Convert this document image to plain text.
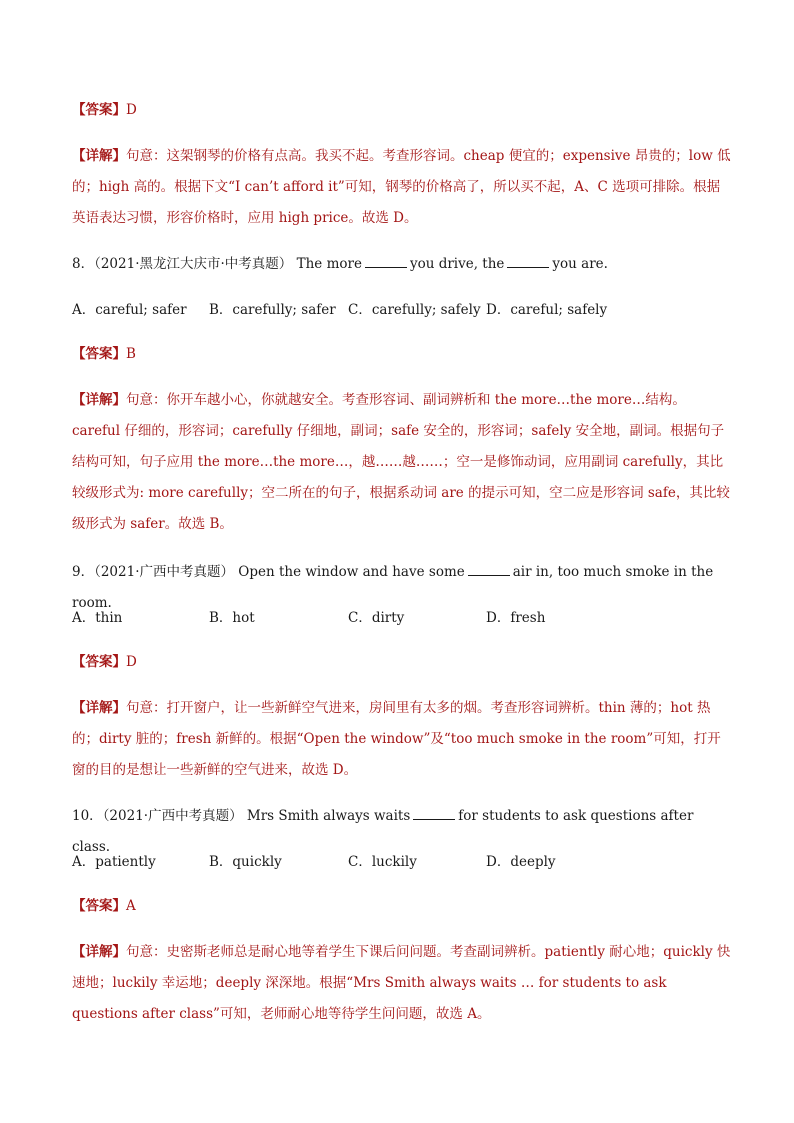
【答案】D
【详解】句意：这架钢琴的价格有点高。我买不起。考查形容词。cheap 便宜的；expensive 昂贵的；low 低的；high 高的。根据下文“I can’t afford it”可知，钢琴的价格高了，所以买不起，A、C 选项可排除。根据英语表达习惯，形容价格时，应用 high price。故选 D。
8．（2021·黑龙江大庆市·中考真题） The more	you drive, the	you are.
A．careful; safer B．carefully; safer C．carefully; safely D．careful; safely
【答案】B
【详解】句意：你开车越小心，你就越安全。考查形容词、副词辨析和 the more…the more…结构。careful 仔细的，形容词；carefully 仔细地，副词；safe 安全的，形容词；safely 安全地，副词。根据句子结构可知，句子应用 the more…the more…，越……越……；空一是修饰动词，应用副词 carefully，其比较级形式为: more carefully；空二所在的句子，根据系动词 are 的提示可知，空二应是形容词 safe，其比较级形式为 safer。故选 B。
9．（2021·广西中考真题） Open the window and have some	air in, too much smoke in the room.
A．thin	B．hot	C．dirty	D．fresh
【答案】D
【详解】句意：打开窗户，让一些新鲜空气进来，房间里有太多的烟。考查形容词辨析。thin 薄的；hot 热的；dirty 脏的；fresh 新鲜的。根据“Open the window”及“too much smoke in the room”可知，打开窗的目的是想让一些新鲜的空气进来，故选 D。
10．（2021·广西中考真题） Mrs Smith always waits	for students to ask questions after class.
A．patiently	B．quickly	C．luckily	D．deeply
【答案】A
【详解】句意：史密斯老师总是耐心地等着学生下课后问问题。考查副词辨析。patiently 耐心地；quickly 快速地；luckily 幸运地；deeply 深深地。根据“Mrs Smith always waits … for students to ask questions after class”可知，老师耐心地等待学生问问题，故选 A。
